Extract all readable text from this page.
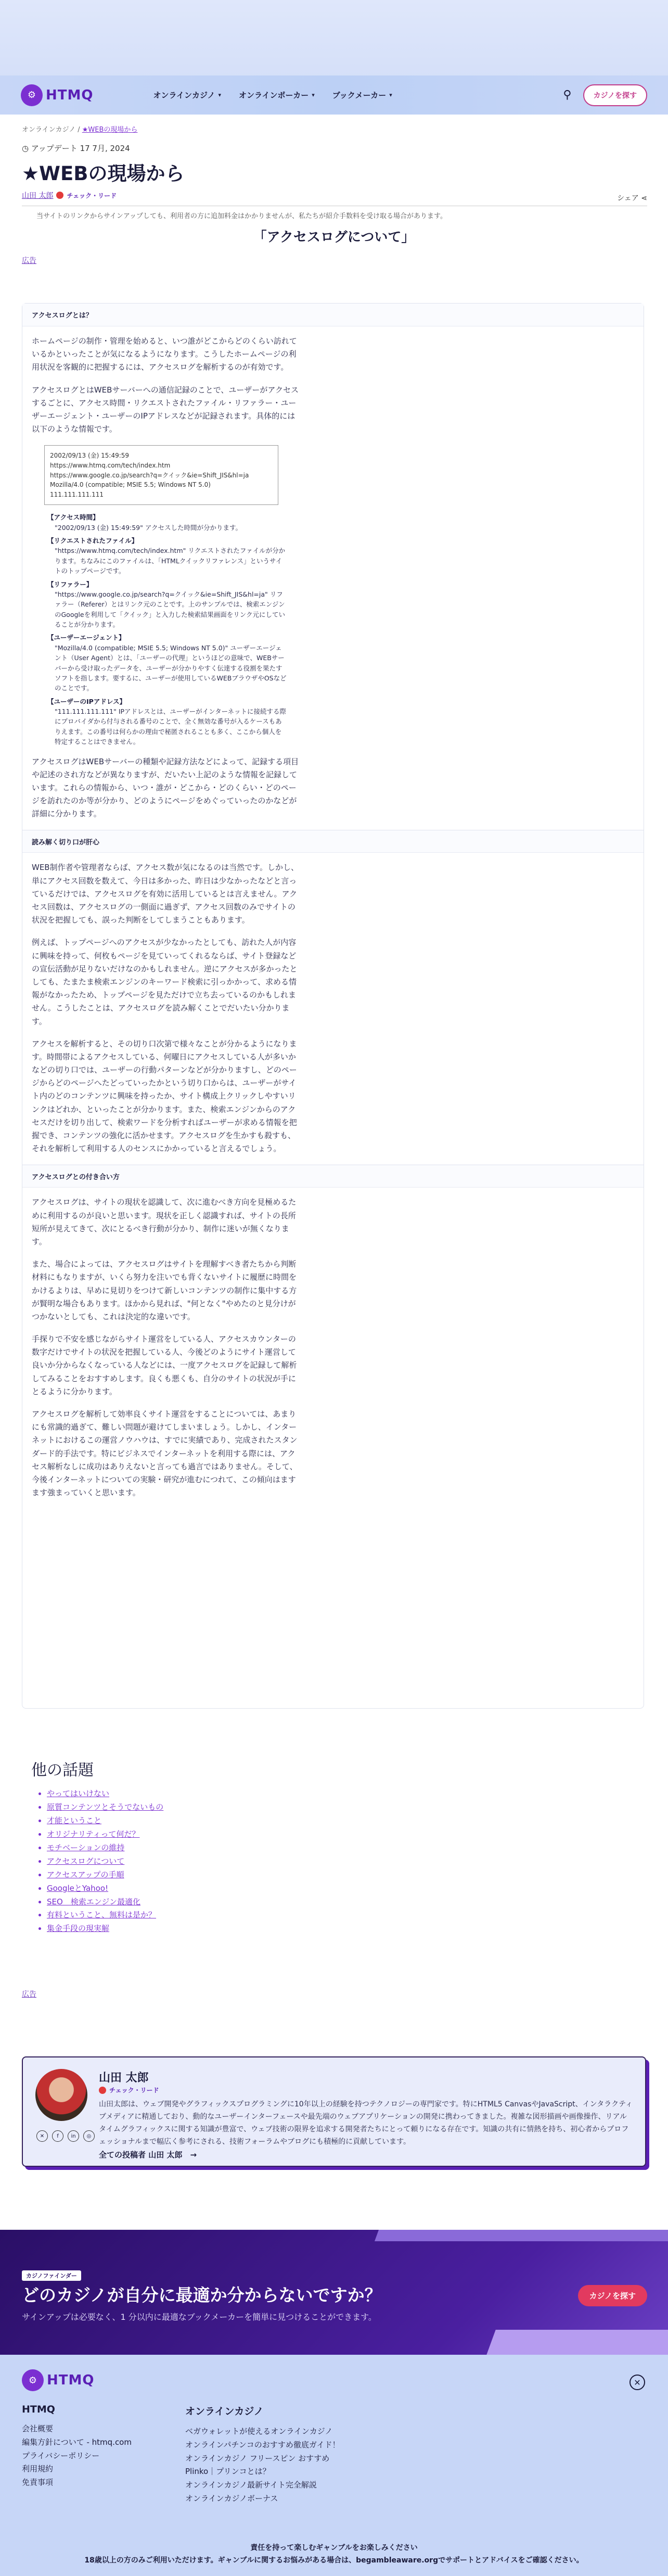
⚙ HTMQ	オンラインカジノ ▾ オンラインポーカー ▾ ブックメーカー ▾	⚲	カジノを探す
オンラインカジノ / ★WEBの現場から
◷ アップデート 17 7月, 2024
★WEBの現場から
山田 太郎 チェック・リード	シェア ⋖
当サイトのリンクからサインアップしても、利用者の方に追加料金はかかりませんが、私たちが紹介手数料を受け取る場合があります。
「アクセスログについて」
広告
アクセスログとは？

ホームページの制作・管理を始めると、いつ誰がどこからどのくらい訪れているかといったことが気になるようになります。こうしたホームページの利用状況を客観的に把握するには、アクセスログを解析するのが有効です。

アクセスログとはWEBサーバーへの通信記録のことで、ユーザーがアクセスするごとに、アクセス時間・リクエストされたファイル・リファラー・ユーザーエージェント・ユーザーのIPアドレスなどが記録されます。具体的には以下のような情報です。

2002/09/13 (金) 15:49:59
https://www.htmq.com/tech/index.htm
https://www.google.co.jp/search?q=クイック&ie=Shift_JIS&hl=ja
Mozilla/4.0 (compatible; MSIE 5.5; Windows NT 5.0)
111.111.111.111
【アクセス時間】
"2002/09/13 (金) 15:49:59" アクセスした時間が分かります。
【リクエストされたファイル】
"https://www.htmq.com/tech/index.htm" リクエストされたファイルが分かります。ちなみにこのファイルは、「HTMLクイックリファレンス」というサイトのトップページです。
【リファラー】
"https://www.google.co.jp/search?q=クイック&ie=Shift_JIS&hl=ja" リファラー（Referer）とはリンク元のことです。上のサンプルでは、検索エンジンのGoogleを利用して「クイック」と入力した検索結果画面をリンク元にしていることが分かります。
【ユーザーエージェント】
"Mozilla/4.0 (compatible; MSIE 5.5; Windows NT 5.0)" ユーザーエージェント（User Agent）とは、「ユーザーの代理」というほどの意味で、WEBサーバーから受け取ったデータを、ユーザーが分かりやすく伝達する役割を果たすソフトを指します。要するに、ユーザーが使用しているWEBブラウザやOSなどのことです。
【ユーザーのIPアドレス】
"111.111.111.111" IPアドレスとは、ユーザーがインターネットに接続する際にプロバイダから付与される番号のことで、全く無効な番号が入るケースもありえます。この番号は何らかの理由で秘匿されることも多く、ここから個人を特定することはできません。

アクセスログはWEBサーバーの種類や記録方法などによって、記録する項目や記述のされ方などが異なりますが、だいたい上記のような情報を記録しています。これらの情報から、いつ・誰が・どこから・どのくらい・どのページを訪れたのか等が分かり、どのようにページをめぐっていったのかなどが詳細に分かります。

読み解く切り口が肝心

WEB制作者や管理者ならば、アクセス数が気になるのは当然です。しかし、単にアクセス回数を数えて、今日は多かった、昨日は少なかったなどと言っているだけでは、アクセスログを有効に活用しているとは言えません。アクセス回数は、アクセスログの一側面に過ぎず、アクセス回数のみでサイトの状況を把握しても、誤った判断をしてしまうこともあります。

例えば、トップページへのアクセスが少なかったとしても、訪れた人が内容に興味を持って、何枚もページを見ていってくれるならば、サイト登録などの宣伝活動が足りないだけなのかもしれません。逆にアクセスが多かったとしても、たまたま検索エンジンのキーワード検索に引っかかって、求める情報がなかったため、トップページを見ただけで立ち去っているのかもしれません。こうしたことは、アクセスログを読み解くことでだいたい分かります。

アクセスを解析すると、その切り口次第で様々なことが分かるようになります。時間帯によるアクセスしている、何曜日にアクセスしている人が多いかなどの切り口では、ユーザーの行動パターンなどが分かりますし、どのページからどのページへたどっていったかという切り口からは、ユーザーがサイト内のどのコンテンツに興味を持ったか、サイト構成上クリックしやすいリンクはどれか、といったことが分かります。また、検索エンジンからのアクセスだけを切り出して、検索ワードを分析すればユーザーが求める情報を把握でき、コンテンツの強化に活かせます。アクセスログを生かすも殺すも、それを解析して利用する人のセンスにかかっていると言えるでしょう。

アクセスログとの付き合い方

アクセスログは、サイトの現状を認識して、次に進むべき方向を見極めるために利用するのが良いと思います。現状を正しく認識すれば、サイトの長所短所が見えてきて、次にとるべき行動が分かり、制作に迷いが無くなります。

また、場合によっては、アクセスログはサイトを理解すべき者たちから判断材料にもなりますが、いくら努力を注いでも背くないサイトに履歴に時間をかけるよりは、早めに見切りをつけて新しいコンテンツの制作に集中する方が賢明な場合もあります。ほかから見れば、"何となく"やめたのと見分けがつかないとしても、これは決定的な違いです。

手探りで不安を感じながらサイト運営をしている人、アクセスカウンターの数字だけでサイトの状況を把握している人、今後どのようにサイト運営して良いか分からなくなっている人などには、一度アクセスログを記録して解析してみることをおすすめします。良くも悪くも、自分のサイトの状況が手にとるように分かります。

アクセスログを解析して効率良くサイト運営をすることについては、あまりにも常識的過ぎて、難しい問題が避けてしまいましょう。しかし、インターネットにおけるこの運営ノウハウは、すでに実績であり、完成されたスタンダード的手法です。特にビジネスでインターネットを利用する際には、アクセス解析なしに成功はありえないと言っても過言ではありません。そして、今後インターネットについての実験・研究が進むにつれて、この傾向はますます強まっていくと思います。

他の話題
• やってはいけない
• 原質コンテンツとそうでないもの
• 才能ということ
• オリジナリティって何だ？
• モチベーションの維持
• アクセスログについて
• アクセスアップの手順
• GoogleとYahoo!
• SEO　検索エンジン最適化
• 有料ということ、無料は是か？
• 集金手段の現実解
広告
✕	f	in	◎
山田 太郎
チェック・リード
山田太郎は、ウェブ開発やグラフィックスプログラミングに10年以上の経験を持つテクノロジーの専門家です。特にHTML5 CanvasやJavaScript、インタラクティブメディアに精通しており、動的なユーザーインターフェースや最先端のウェブアプリケーションの開発に携わってきました。複雑な図形描画や画像操作、リアルタイムグラフィックスに関する知識が豊富で、ウェブ技術の限界を追求する開発者たちにとって頼りになる存在です。知識の共有に情熱を持ち、初心者からプロフェッショナルまで幅広く参考にされる、技術フォーラムやブログにも積極的に貢献しています。
全ての投稿者 山田 太郎　→
カジノファインダー
どのカジノが自分に最適か分からないですか？
サインアップは必要なく、1 分以内に最適なブックメーカーを簡単に見つけることができます。
カジノを探す
⚙ HTMQ	✕
HTMQ
会社概要
編集方針について - htmq.com
プライバシーポリシー
利用規約
免責事項
オンラインカジノ
ベガウォレットが使えるオンラインカジノ
オンラインパチンコのおすすめ徹底ガイド！
オンラインカジノ フリースピン おすすめ
Plinko｜プリンコとは？
オンラインカジノ最新サイト完全解説
オンラインカジノボーナス
責任を持って楽しむギャンブルをお楽しみください
18歳以上の方のみご利用いただけます。ギャンブルに関するお悩みがある場合は、begambleaware.orgでサポートとアドバイスをご確認ください。
